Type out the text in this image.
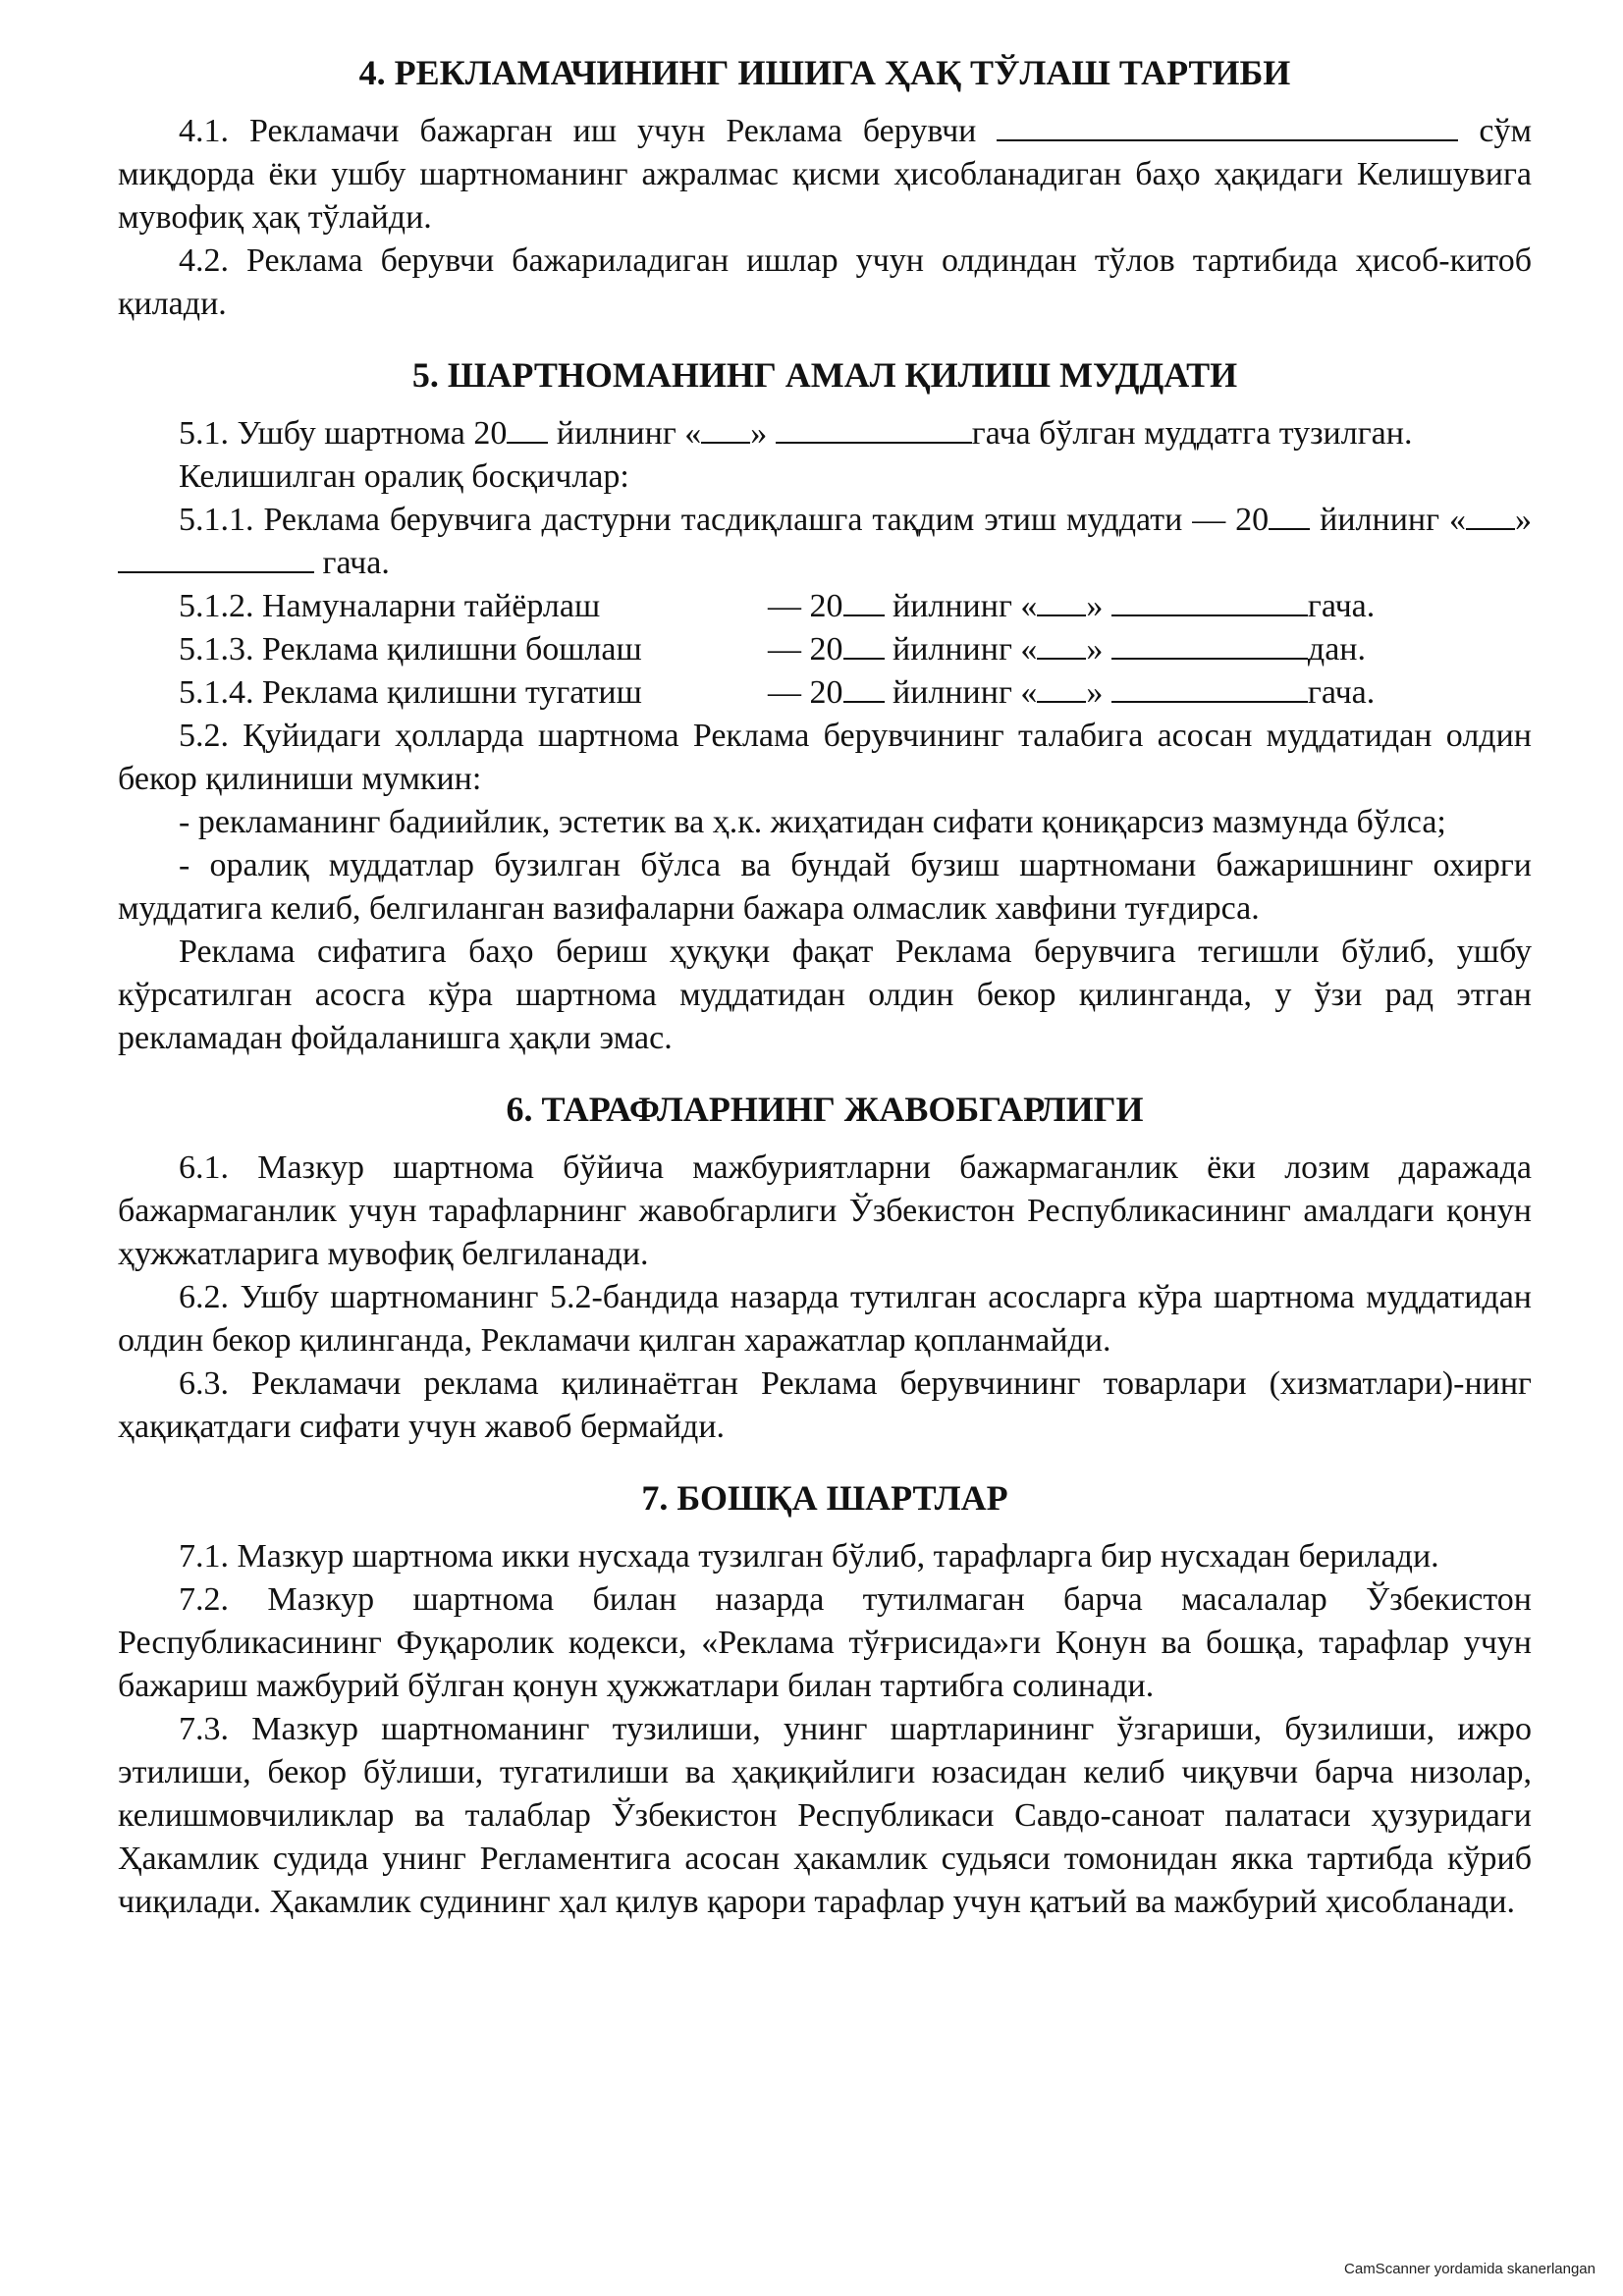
4. РЕКЛАМАЧИНИНГ ИШИГА ҲАҚ ТЎЛАШ ТАРТИБИ

4.1. Рекламачи бажарган иш учун Реклама берувчи	сўм миқдорда ёки ушбу шартноманинг ажралмас қисми ҳисобланадиган баҳо ҳақидаги Келишувига мувофиқ ҳақ тўлайди.

4.2. Реклама берувчи бажариладиган ишлар учун олдиндан тўлов тартибида ҳисоб-китоб қилади.

5. ШАРТНОМАНИНГ АМАЛ ҚИЛИШ МУДДАТИ

5.1. Ушбу шартнома 20 йилнинг « »	гача бўлган муддатга тузилган.

Келишилган оралиқ босқичлар:

5.1.1. Реклама берувчига дастурни тасдиқлашга тақдим этиш муддати — 20 йилнинг « »  гача.

5.1.2. Намуналарни тайёрлаш	— 20 йилнинг « »	гача.
5.1.3. Реклама қилишни бошлаш	— 20 йилнинг « »	дан.
5.1.4. Реклама қилишни тугатиш	— 20 йилнинг « »	гача.

5.2. Қуйидаги ҳолларда шартнома Реклама берувчининг талабига асосан муддатидан олдин бекор қилиниши мумкин:

- рекламанинг бадиийлик, эстетик ва ҳ.к. жиҳатидан сифати қониқарсиз мазмунда бўлса;

- оралиқ муддатлар бузилган бўлса ва бундай бузиш шартномани бажаришнинг охирги муддатига келиб, белгиланган вазифаларни бажара олмаслик хавфини туғдирса.

Реклама сифатига баҳо бериш ҳуқуқи фақат Реклама берувчига тегишли бўлиб, ушбу кўрсатилган асосга кўра шартнома муддатидан олдин бекор қилинганда, у ўзи рад этган рекламадан фойдаланишга ҳақли эмас.

6. ТАРАФЛАРНИНГ ЖАВОБГАРЛИГИ

6.1. Мазкур шартнома бўйича мажбуриятларни бажармаганлик ёки лозим даражада бажармаганлик учун тарафларнинг жавобгарлиги Ўзбекистон Республикасининг амалдаги қонун ҳужжатларига мувофиқ белгиланади.

6.2. Ушбу шартноманинг 5.2-бандида назарда тутилган асосларга кўра шартнома муддатидан олдин бекор қилинганда, Рекламачи қилган харажатлар қопланмайди.

6.3. Рекламачи реклама қилинаётган Реклама берувчининг товарлари (хизматлари)-нинг ҳақиқатдаги сифати учун жавоб бермайди.

7. БОШҚА ШАРТЛАР

7.1. Мазкур шартнома икки нусхада тузилган бўлиб, тарафларга бир нусхадан берилади.

7.2. Мазкур шартнома билан назарда тутилмаган барча масалалар Ўзбекистон Республикасининг Фуқаролик кодекси, «Реклама тўғрисида»ги Қонун ва бошқа, тарафлар учун бажариш мажбурий бўлган қонун ҳужжатлари билан тартибга солинади.

7.3. Мазкур шартноманинг тузилиши, унинг шартларининг ўзгариши, бузилиши, ижро этилиши, бекор бўлиши, тугатилиши ва ҳақиқийлиги юзасидан келиб чиқувчи барча низолар, келишмовчиликлар ва талаблар Ўзбекистон Республикаси Савдо-саноат палатаси ҳузуридаги Ҳакамлик судида унинг Регламентига асосан ҳакамлик судьяси томонидан якка тартибда кўриб чиқилади. Ҳакамлик судининг ҳал қилув қарори тарафлар учун қатъий ва мажбурий ҳисобланади.

CamScanner yordamida skanerlangan
